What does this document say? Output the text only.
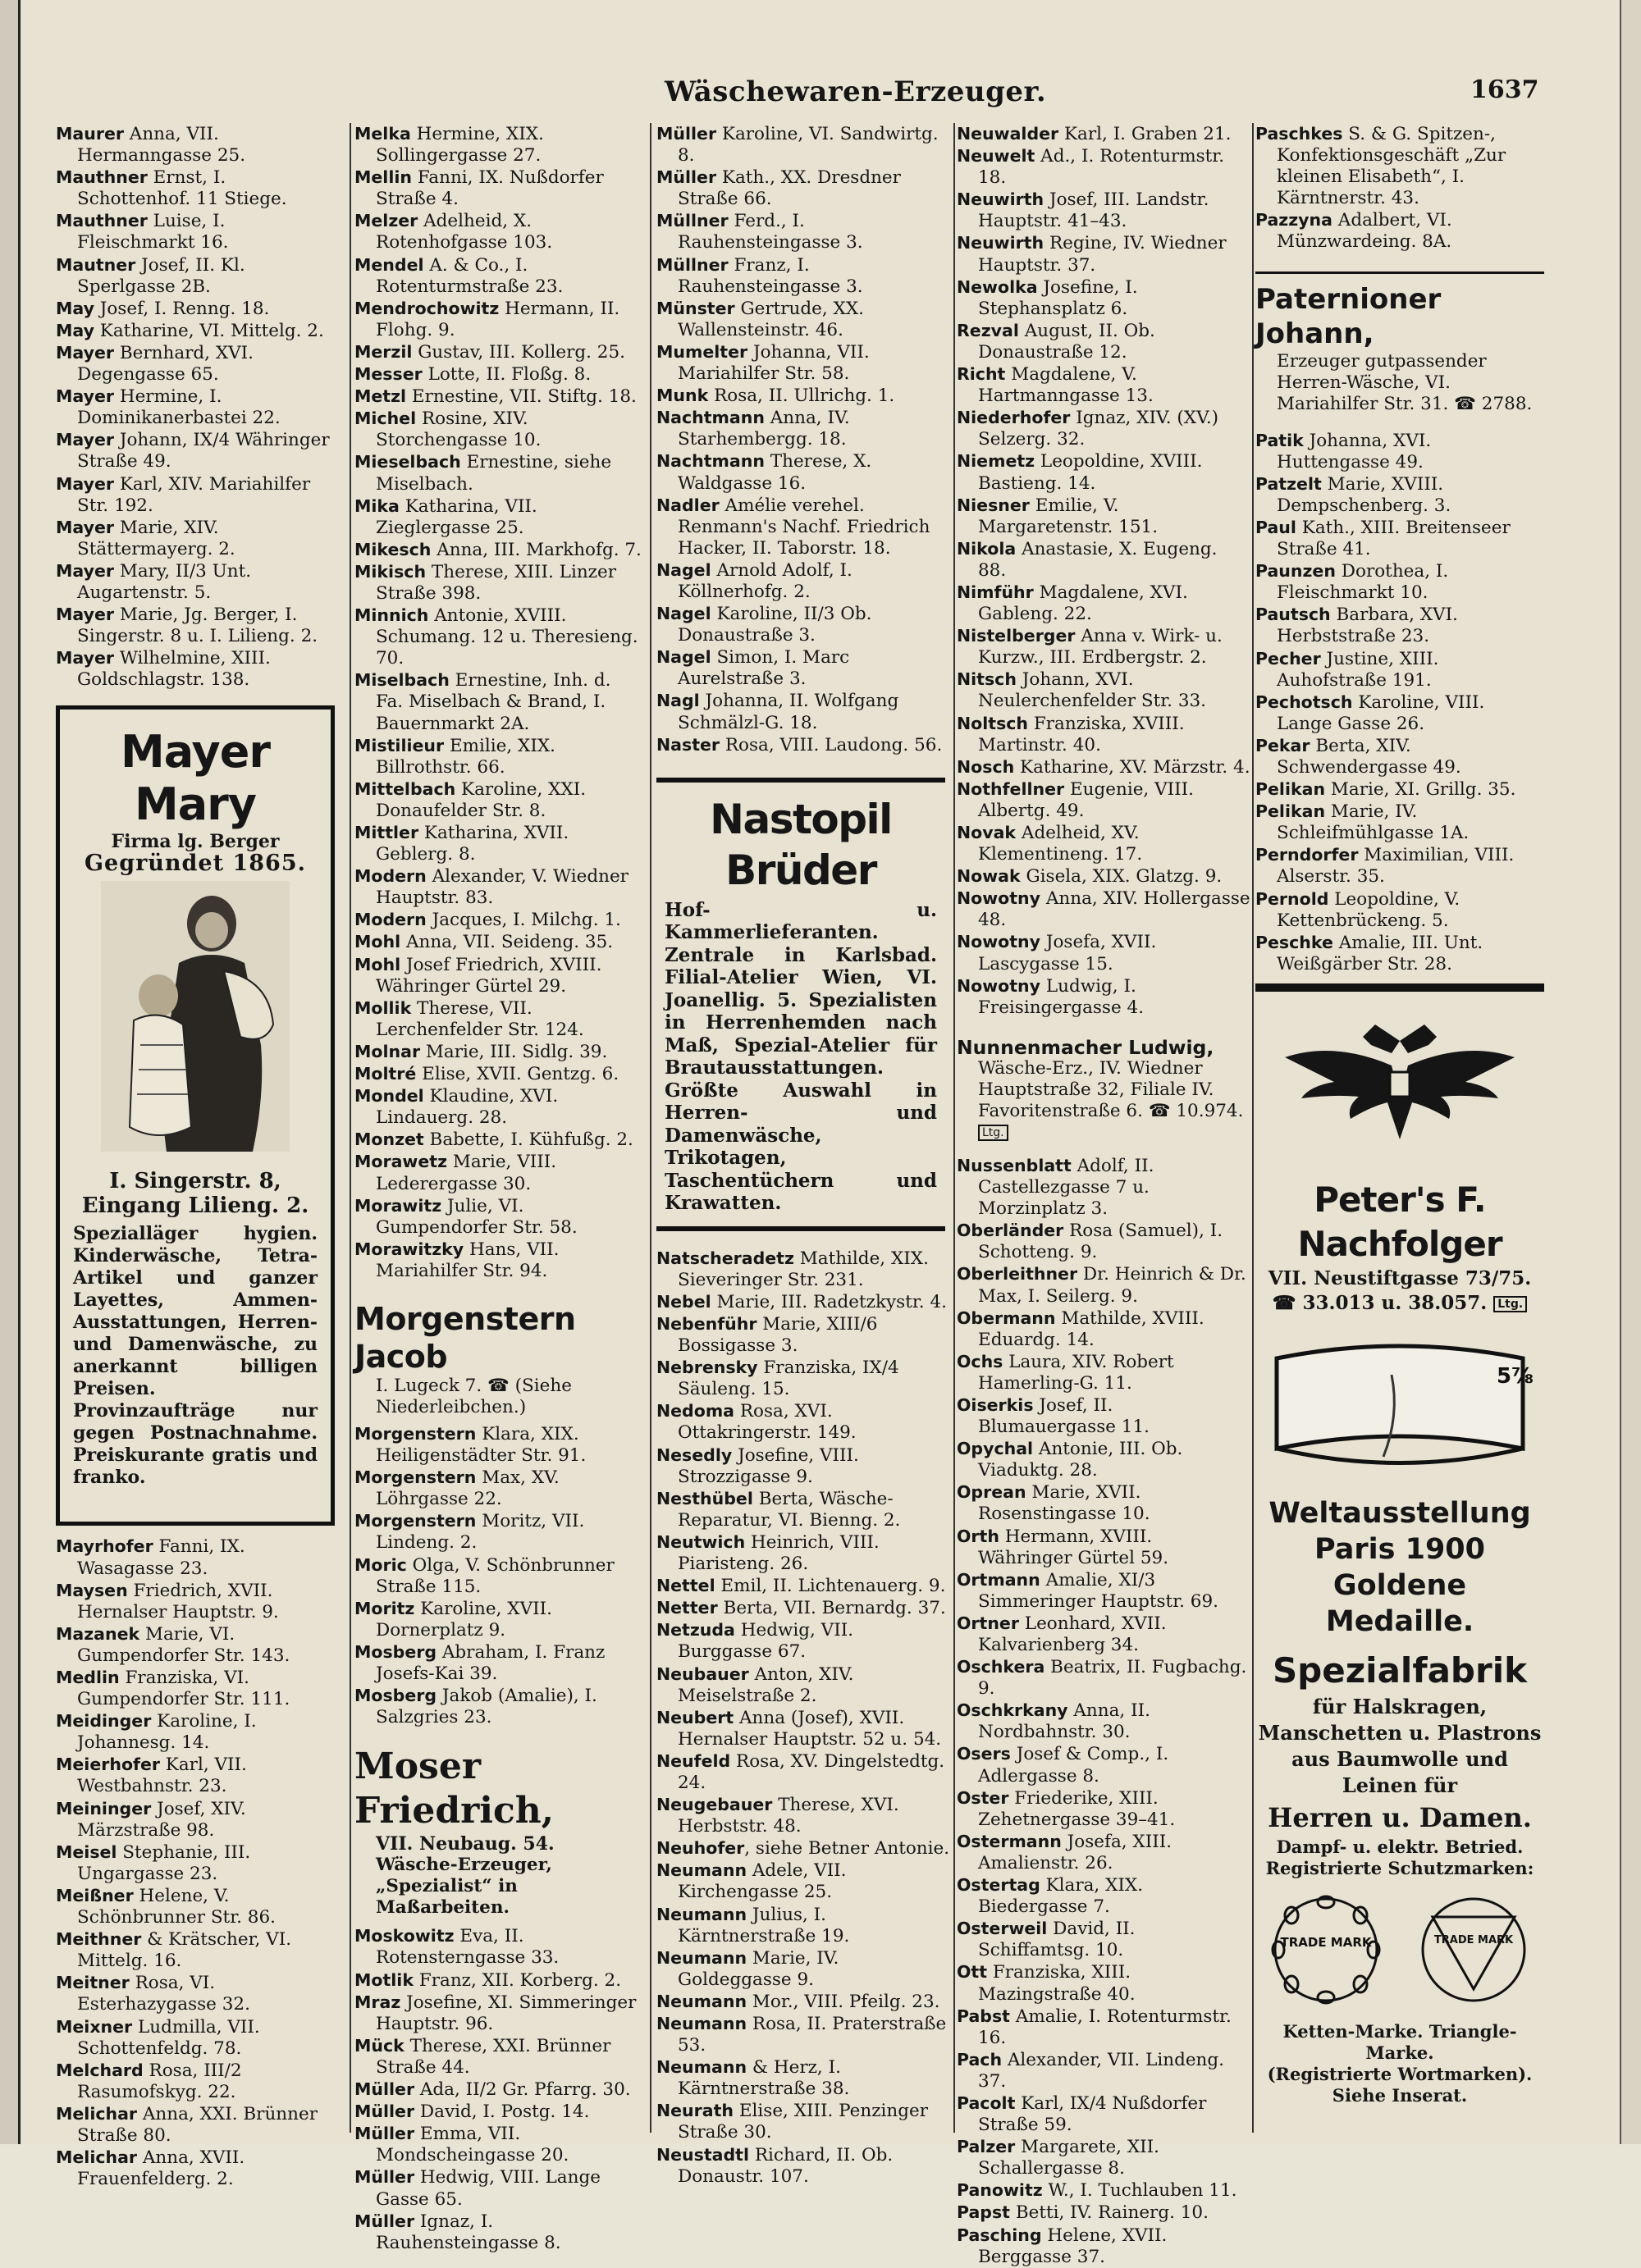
Wäschewaren-Erzeuger.	1637

Maurer Anna, VII. Hermanngasse 25.

Mauthner Ernst, I. Schottenhof. 11 Stiege.

Mauthner Luise, I. Fleischmarkt 16.

Mautner Josef, II. Kl. Sperlgasse 2B.

May Josef, I. Renng. 18.

May Katharine, VI. Mittelg. 2.

Mayer Bernhard, XVI. Degengasse 65.

Mayer Hermine, I. Dominikanerbastei 22.

Mayer Johann, IX/4 Währinger Straße 49.

Mayer Karl, XIV. Mariahilfer Str. 192.

Mayer Marie, XIV. Stättermayerg. 2.

Mayer Mary, II/3 Unt. Augartenstr. 5.

Mayer Marie, Jg. Berger, I. Singerstr. 8 u. I. Lilieng. 2.

Mayer Wilhelmine, XIII. Goldschlagstr. 138.

Mayer Mary
Firma lg. Berger
Gegründet 1865.
I. Singerstr. 8, Eingang Lilieng. 2.
Spezialläger hygien. Kinderwäsche, Tetra-Artikel und ganzer Layettes, Ammen-Ausstattungen, Herren- und Damenwäsche, zu anerkannt billigen Preisen. Provinzaufträge nur gegen Postnachnahme. Preiskurante gratis und franko.

Mayrhofer Fanni, IX. Wasagasse 23.

Maysen Friedrich, XVII. Hernalser Hauptstr. 9.

Mazanek Marie, VI. Gumpendorfer Str. 143.

Medlin Franziska, VI. Gumpendorfer Str. 111.

Meidinger Karoline, I. Johannesg. 14.

Meierhofer Karl, VII. Westbahnstr. 23.

Meininger Josef, XIV. Märzstraße 98.

Meisel Stephanie, III. Ungargasse 23.

Meißner Helene, V. Schönbrunner Str. 86.

Meithner & Krätscher, VI. Mittelg. 16.

Meitner Rosa, VI. Esterhazygasse 32.

Meixner Ludmilla, VII. Schottenfeldg. 78.

Melchard Rosa, III/2 Rasumofskyg. 22.

Melichar Anna, XXI. Brünner Straße 80.

Melichar Anna, XVII. Frauenfelderg. 2.

Melka Hermine, XIX. Sollingergasse 27.

Mellin Fanni, IX. Nußdorfer Straße 4.

Melzer Adelheid, X. Rotenhofgasse 103.

Mendel A. & Co., I. Rotenturmstraße 23.

Mendrochowitz Hermann, II. Flohg. 9.

Merzil Gustav, III. Kollerg. 25.

Messer Lotte, II. Floßg. 8.

Metzl Ernestine, VII. Stiftg. 18.

Michel Rosine, XIV. Storchengasse 10.

Mieselbach Ernestine, siehe Miselbach.

Mika Katharina, VII. Zieglergasse 25.

Mikesch Anna, III. Markhofg. 7.

Mikisch Therese, XIII. Linzer Straße 398.

Minnich Antonie, XVIII. Schumang. 12 u. Theresieng. 70.

Miselbach Ernestine, Inh. d. Fa. Miselbach & Brand, I. Bauernmarkt 2A.

Mistilieur Emilie, XIX. Billrothstr. 66.

Mittelbach Karoline, XXI. Donaufelder Str. 8.

Mittler Katharina, XVII. Geblerg. 8.

Modern Alexander, V. Wiedner Hauptstr. 83.

Modern Jacques, I. Milchg. 1.

Mohl Anna, VII. Seideng. 35.

Mohl Josef Friedrich, XVIII. Währinger Gürtel 29.

Mollik Therese, VII. Lerchenfelder Str. 124.

Molnar Marie, III. Sidlg. 39.

Moltré Elise, XVII. Gentzg. 6.

Mondel Klaudine, XVI. Lindauerg. 28.

Monzet Babette, I. Kühfußg. 2.

Morawetz Marie, VIII. Lederergasse 30.

Morawitz Julie, VI. Gumpendorfer Str. 58.

Morawitzky Hans, VII. Mariahilfer Str. 94.

Morgenstern Jacob
I. Lugeck 7. ☎ (Siehe Niederleibchen.)

Morgenstern Klara, XIX. Heiligenstädter Str. 91.

Morgenstern Max, XV. Löhrgasse 22.

Morgenstern Moritz, VII. Lindeng. 2.

Moric Olga, V. Schönbrunner Straße 115.

Moritz Karoline, XVII. Dornerplatz 9.

Mosberg Abraham, I. Franz Josefs-Kai 39.

Mosberg Jakob (Amalie), I. Salzgries 23.

Moser Friedrich,
VII. Neubaug. 54.
Wäsche-Erzeuger, „Spezialist“ in Maßarbeiten.

Moskowitz Eva, II. Rotensterngasse 33.

Motlik Franz, XII. Korberg. 2.

Mraz Josefine, XI. Simmeringer Hauptstr. 96.

Mück Therese, XXI. Brünner Straße 44.

Müller Ada, II/2 Gr. Pfarrg. 30.

Müller David, I. Postg. 14.

Müller Emma, VII. Mondscheingasse 20.

Müller Hedwig, VIII. Lange Gasse 65.

Müller Ignaz, I. Rauhensteingasse 8.

Müller Karoline, VI. Sandwirtg. 8.

Müller Kath., XX. Dresdner Straße 66.

Müllner Ferd., I. Rauhensteingasse 3.

Müllner Franz, I. Rauhensteingasse 3.

Münster Gertrude, XX. Wallensteinstr. 46.

Mumelter Johanna, VII. Mariahilfer Str. 58.

Munk Rosa, II. Ullrichg. 1.

Nachtmann Anna, IV. Starhembergg. 18.

Nachtmann Therese, X. Waldgasse 16.

Nadler Amélie verehel. Renmann's Nachf. Friedrich Hacker, II. Taborstr. 18.

Nagel Arnold Adolf, I. Köllnerhofg. 2.

Nagel Karoline, II/3 Ob. Donaustraße 3.

Nagel Simon, I. Marc Aurelstraße 3.

Nagl Johanna, II. Wolfgang Schmälzl-G. 18.

Naster Rosa, VIII. Laudong. 56.

Nastopil Brüder
Hof- u. Kammerlieferanten. Zentrale in Karlsbad. Filial-Atelier Wien, VI. Joanellig. 5. Spezialisten in Herrenhemden nach Maß, Spezial-Atelier für Brautausstattungen. Größte Auswahl in Herren- und Damenwäsche, Trikotagen, Taschentüchern und Krawatten.

Natscheradetz Mathilde, XIX. Sieveringer Str. 231.

Nebel Marie, III. Radetzkystr. 4.

Nebenführ Marie, XIII/6 Bossigasse 3.

Nebrensky Franziska, IX/4 Säuleng. 15.

Nedoma Rosa, XVI. Ottakringerstr. 149.

Nesedly Josefine, VIII. Strozzigasse 9.

Nesthübel Berta, Wäsche-Reparatur, VI. Bienng. 2.

Neutwich Heinrich, VIII. Piaristeng. 26.

Nettel Emil, II. Lichtenauerg. 9.

Netter Berta, VII. Bernardg. 37.

Netzuda Hedwig, VII. Burggasse 67.

Neubauer Anton, XIV. Meiselstraße 2.

Neubert Anna (Josef), XVII. Hernalser Hauptstr. 52 u. 54.

Neufeld Rosa, XV. Dingelstedtg. 24.

Neugebauer Therese, XVI. Herbststr. 48.

Neuhofer, siehe Betner Antonie.

Neumann Adele, VII. Kirchengasse 25.

Neumann Julius, I. Kärntnerstraße 19.

Neumann Marie, IV. Goldeggasse 9.

Neumann Mor., VIII. Pfeilg. 23.

Neumann Rosa, II. Praterstraße 53.

Neumann & Herz, I. Kärntnerstraße 38.

Neurath Elise, XIII. Penzinger Straße 30.

Neustadtl Richard, II. Ob. Donaustr. 107.

Neuwalder Karl, I. Graben 21.

Neuwelt Ad., I. Rotenturmstr. 18.

Neuwirth Josef, III. Landstr. Hauptstr. 41–43.

Neuwirth Regine, IV. Wiedner Hauptstr. 37.

Newolka Josefine, I. Stephansplatz 6.

Rezval August, II. Ob. Donaustraße 12.

Richt Magdalene, V. Hartmanngasse 13.

Niederhofer Ignaz, XIV. (XV.) Selzerg. 32.

Niemetz Leopoldine, XVIII. Bastieng. 14.

Niesner Emilie, V. Margaretenstr. 151.

Nikola Anastasie, X. Eugeng. 88.

Nimführ Magdalene, XVI. Gableng. 22.

Nistelberger Anna v. Wirk- u. Kurzw., III. Erdbergstr. 2.

Nitsch Johann, XVI. Neulerchenfelder Str. 33.

Noltsch Franziska, XVIII. Martinstr. 40.

Nosch Katharine, XV. Märzstr. 4.

Nothfellner Eugenie, VIII. Albertg. 49.

Novak Adelheid, XV. Klementineng. 17.

Nowak Gisela, XIX. Glatzg. 9.

Nowotny Anna, XIV. Hollergasse 48.

Nowotny Josefa, XVII. Lascygasse 15.

Nowotny Ludwig, I. Freisingergasse 4.

Nunnenmacher Ludwig,
Wäsche-Erz., IV. Wiedner Hauptstraße 32, Filiale IV. Favoritenstraße 6. ☎ 10.974. Ltg.

Nussenblatt Adolf, II. Castellezgasse 7 u. Morzinplatz 3.

Oberländer Rosa (Samuel), I. Schotteng. 9.

Oberleithner Dr. Heinrich & Dr. Max, I. Seilerg. 9.

Obermann Mathilde, XVIII. Eduardg. 14.

Ochs Laura, XIV. Robert Hamerling-G. 11.

Oiserkis Josef, II. Blumauergasse 11.

Opychal Antonie, III. Ob. Viaduktg. 28.

Oprean Marie, XVII. Rosenstingasse 10.

Orth Hermann, XVIII. Währinger Gürtel 59.

Ortmann Amalie, XI/3 Simmeringer Hauptstr. 69.

Ortner Leonhard, XVII. Kalvarienberg 34.

Oschkera Beatrix, II. Fugbachg. 9.

Oschkrkany Anna, II. Nordbahnstr. 30.

Osers Josef & Comp., I. Adlergasse 8.

Oster Friederike, XIII. Zehetnergasse 39–41.

Ostermann Josefa, XIII. Amalienstr. 26.

Ostertag Klara, XIX. Biedergasse 7.

Osterweil David, II. Schiffamtsg. 10.

Ott Franziska, XIII. Mazingstraße 40.

Pabst Amalie, I. Rotenturmstr. 16.

Pach Alexander, VII. Lindeng. 37.

Pacolt Karl, IX/4 Nußdorfer Straße 59.

Palzer Margarete, XII. Schallergasse 8.

Panowitz W., I. Tuchlauben 11.

Papst Betti, IV. Rainerg. 10.

Pasching Helene, XVII. Berggasse 37.

Paschkes S. & G. Spitzen-, Konfektionsgeschäft „Zur kleinen Elisabeth“, I. Kärntnerstr. 43.

Pazzyna Adalbert, VI. Münzwardeing. 8A.

Paternioner Johann,
Erzeuger gutpassender Herren-Wäsche, VI. Mariahilfer Str. 31. ☎ 2788.

Patik Johanna, XVI. Huttengasse 49.

Patzelt Marie, XVIII. Dempschenberg. 3.

Paul Kath., XIII. Breitenseer Straße 41.

Paunzen Dorothea, I. Fleischmarkt 10.

Pautsch Barbara, XVI. Herbststraße 23.

Pecher Justine, XIII. Auhofstraße 191.

Pechotsch Karoline, VIII. Lange Gasse 26.

Pekar Berta, XIV. Schwendergasse 49.

Pelikan Marie, XI. Grillg. 35.

Pelikan Marie, IV. Schleifmühlgasse 1A.

Perndorfer Maximilian, VIII. Alserstr. 35.

Pernold Leopoldine, V. Kettenbrückeng. 5.

Peschke Amalie, III. Unt. Weißgärber Str. 28.

Peter's F. Nachfolger
VII. Neustiftgasse 73/75.
☎ 33.013 u. 38.057. Ltg.
5⅞
Weltausstellung
Paris 1900
Goldene Medaille.
Spezialfabrik
für Halskragen, Manschetten u. Plastrons aus Baumwolle und Leinen für
Herren u. Damen.
Dampf- u. elektr. Betried.
Registrierte Schutzmarken:
TRADE MARK	TRADE MARK
Ketten-Marke. Triangle-Marke.
(Registrierte Wortmarken).
Siehe Inserat.
